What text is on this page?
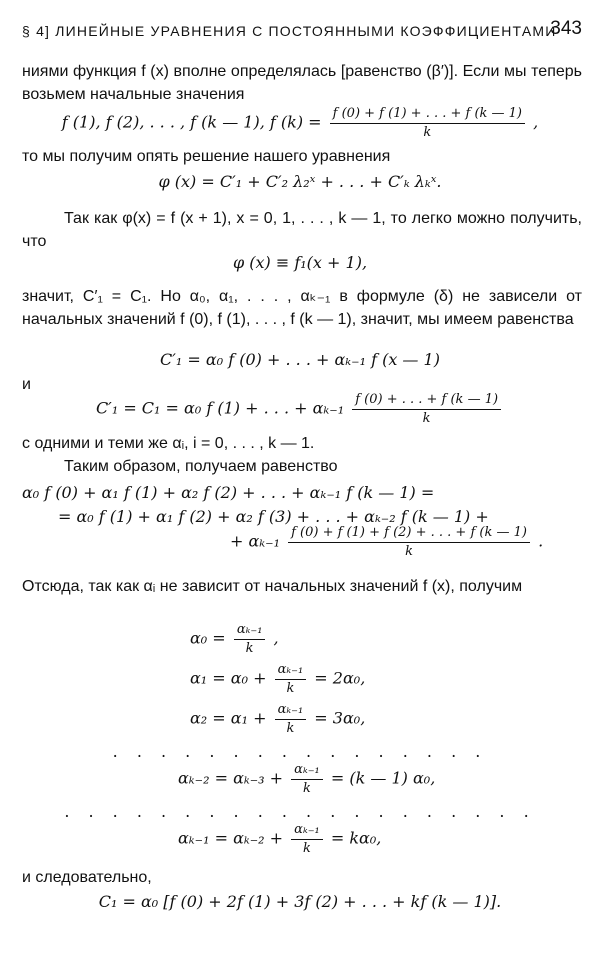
§ 4] ЛИНЕЙНЫЕ УРАВНЕНИЯ С ПОСТОЯННЫМИ КОЭФФИЦИЕНТАМИ
343
ниями функция f (x) вполне определялась [равенство (β′)]. Если мы теперь возьмем начальные значения
f (1), f (2), . . . , f (k — 1), f $(k) = \frac{f (0) + f (1) + . . . + f (k — 1)}{k}$ ,
то мы получим опять решение нашего уравнения
φ (x) = C′₁ + C′₂ λ₂ˣ + . . . + C′ₖ λₖˣ.
Так как φ(x) = f (x + 1), x = 0, 1, . . . , k — 1, то легко можно получить, что
φ (x) ≡ f₁(x + 1),
значит, C′₁ = C₁. Но α₀, α₁, . . . , αₖ₋₁ в формуле (δ) не зависели от начальных значений f (0), f (1), . . . , f (k — 1), значит, мы имеем равенства
C′₁ = α₀ f (0) + . . . + αₖ₋₁ f (x — 1)
и
C′₁ = C₁ = α₀ f (1) + . . . + $\alpha_{k-1} \frac{f (0) + . . . + f (k — 1)}{k}$
с одними и теми же αᵢ, i = 0, . . . , k — 1.
Таким образом, получаем равенство
α₀ f (0) + α₁ f (1) + α₂ f (2) + . . . + αₖ₋₁ f (k — 1) =
= α₀ f (1) + α₁ f (2) + α₂ f (3) + . . . + αₖ₋₂ f (k — 1) +
+ $\alpha_{k-1} \frac{f (0) + f (1) + f (2) + . . . + f (k — 1)}{k}$ .
Отсюда, так как αᵢ не зависит от начальных значений f (x), получим
$\alpha_0 = \frac{\text{αₖ₋₁}}{k}$ ,
$\alpha_1 = \alpha_0 + \frac{\text{αₖ₋₁}}{k} = 2\alpha_0$,
$\alpha_2 = \alpha_1 + \frac{\text{αₖ₋₁}}{k} = 3\alpha_0$,
. . . . . . . . . . . . . . . .
$\alpha_{k-2} = \alpha_{k-3} + \frac{\text{αₖ₋₁}}{k} = (k$ — 1) α₀,
. . . . . . . . . . . . . . . . . . . .
$\alpha_{k-1} = \alpha_{k-2} + \frac{\text{αₖ₋₁}}{k} = k\alpha_0$,
и следовательно,
C₁ = α₀ [f (0) + 2f (1) + 3f (2) + . . . + kf (k — 1)].
